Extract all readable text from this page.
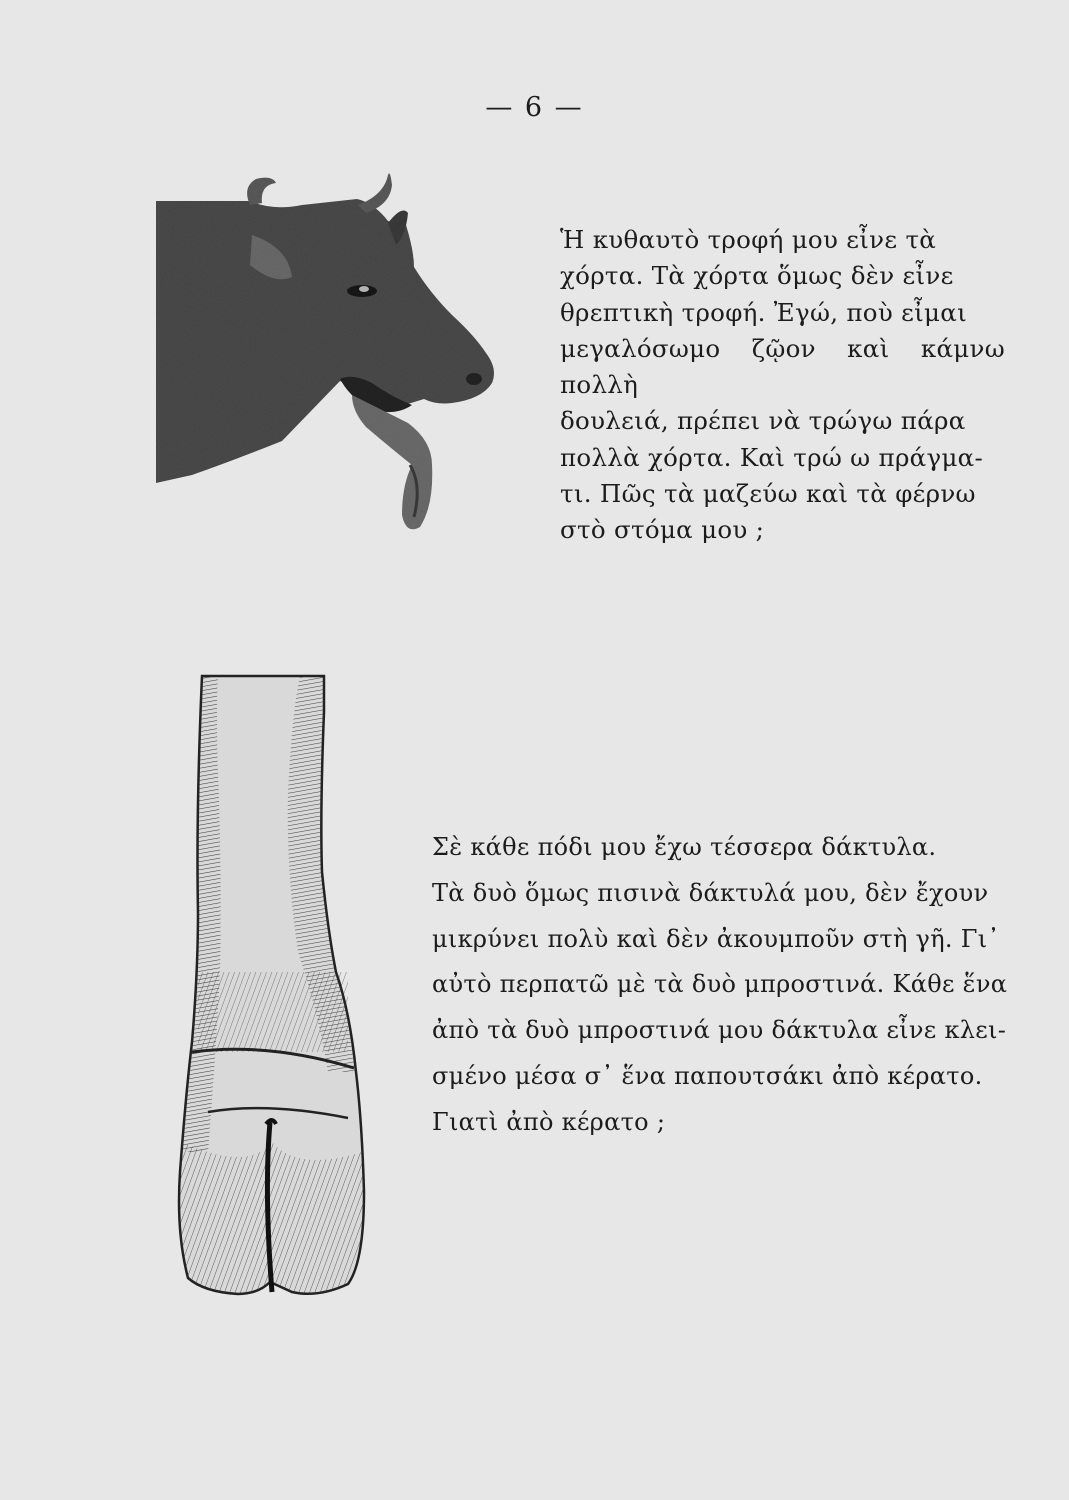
— 6 —

Ἡ κυθαυτὸ τροφή μου εἶνε τὰ

χόρτα. Τὰ χόρτα ὅμως δὲν εἶνε

θρεπτικὴ τροφή. Ἐγώ, ποὺ εἶμαι

μεγαλόσωμο ζῷον καὶ κάμνω πολλὴ

δουλειά, πρέπει νὰ τρώγω πάρα

πολλὰ χόρτα. Καὶ τρώ ω πράγμα-

τι. Πῶς τὰ μαζεύω καὶ τὰ φέρνω

στὸ στόμα μου ;

Σὲ κάθε πόδι μου ἔχω τέσσερα δάκτυλα.

Τὰ δυὸ ὅμως πισινὰ δάκτυλά μου, δὲν ἔχουν

μικρύνει πολὺ καὶ δὲν ἀκουμποῦν στὴ γῆ. Γι᾽

αὐτὸ περπατῶ μὲ τὰ δυὸ μπροστινά. Κάθε ἕνα

ἀπὸ τὰ δυὸ μπροστινά μου δάκτυλα εἶνε κλει-

σμένο μέσα σ᾽ ἕνα παπουτσάκι ἀπὸ κέρατο.

Γιατὶ ἀπὸ κέρατο ;
